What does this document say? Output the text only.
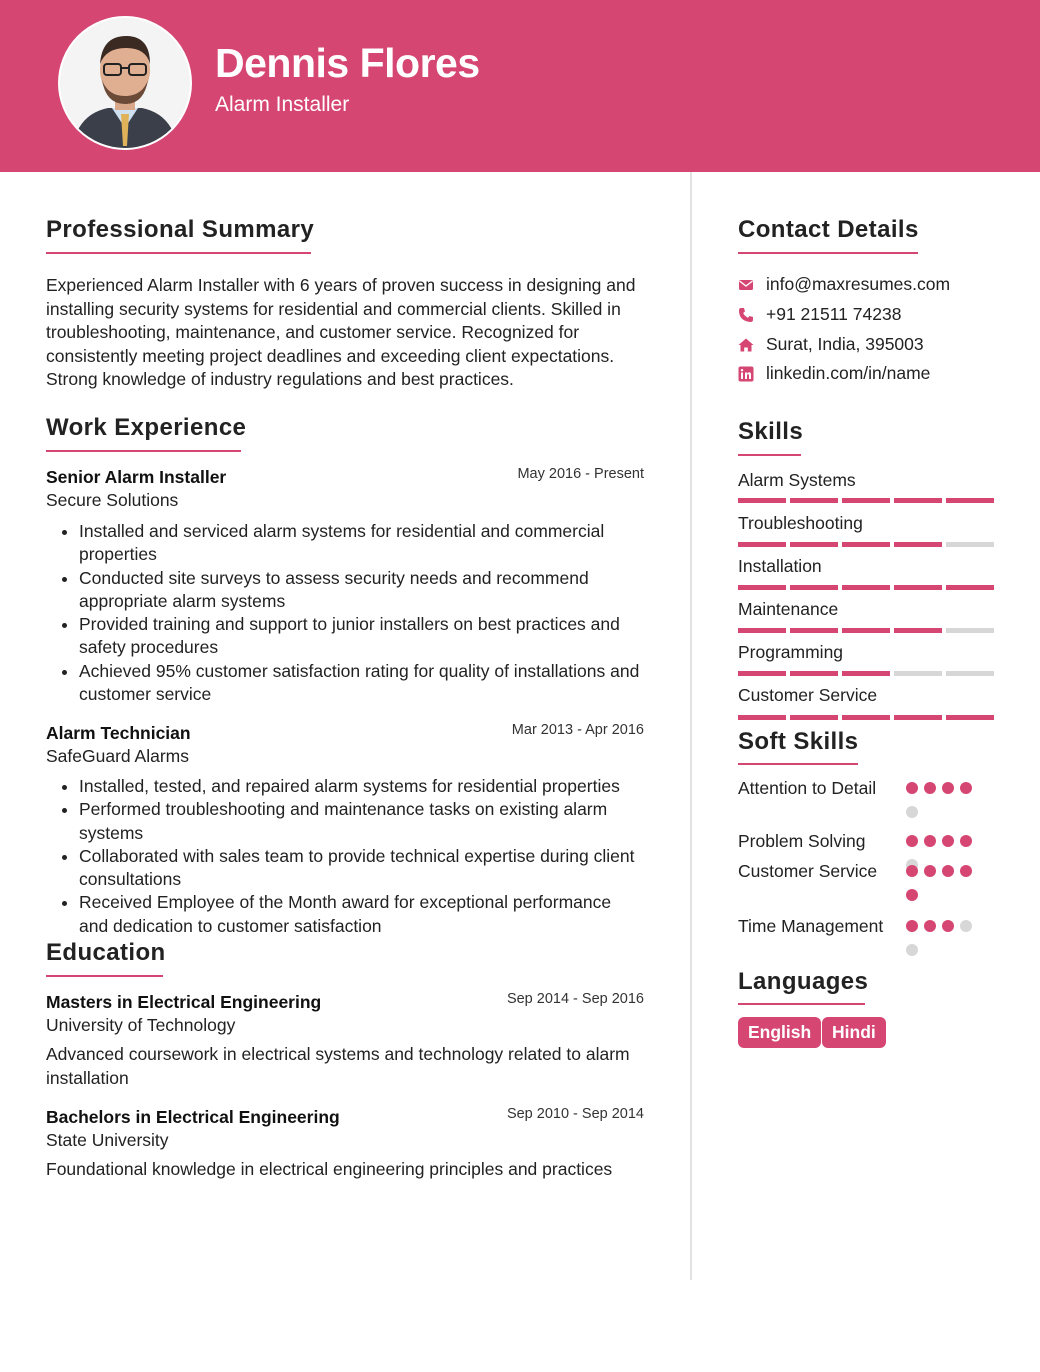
Dennis Flores
Alarm Installer
Professional Summary
Experienced Alarm Installer with 6 years of proven success in designing and installing security systems for residential and commercial clients. Skilled in troubleshooting, maintenance, and customer service. Recognized for consistently meeting project deadlines and exceeding client expectations. Strong knowledge of industry regulations and best practices.
Work Experience
Senior Alarm Installer	May 2016 - Present
Secure Solutions
• Installed and serviced alarm systems for residential and commercial properties
• Conducted site surveys to assess security needs and recommend appropriate alarm systems
• Provided training and support to junior installers on best practices and safety procedures
• Achieved 95% customer satisfaction rating for quality of installations and customer service
Alarm Technician	Mar 2013 - Apr 2016
SafeGuard Alarms
• Installed, tested, and repaired alarm systems for residential properties
• Performed troubleshooting and maintenance tasks on existing alarm systems
• Collaborated with sales team to provide technical expertise during client consultations
• Received Employee of the Month award for exceptional performance and dedication to customer satisfaction
Education
Masters in Electrical Engineering	Sep 2014 - Sep 2016
University of Technology
Advanced coursework in electrical systems and technology related to alarm installation
Bachelors in Electrical Engineering	Sep 2010 - Sep 2014
State University
Foundational knowledge in electrical engineering principles and practices
Contact Details
info@maxresumes.com
+91 21511 74238
Surat, India, 395003
linkedin.com/in/name
Skills
Alarm Systems
Troubleshooting
Installation
Maintenance
Programming
Customer Service
Soft Skills
Attention to Detail
Problem Solving
Customer Service
Time Management
Languages
English	Hindi
